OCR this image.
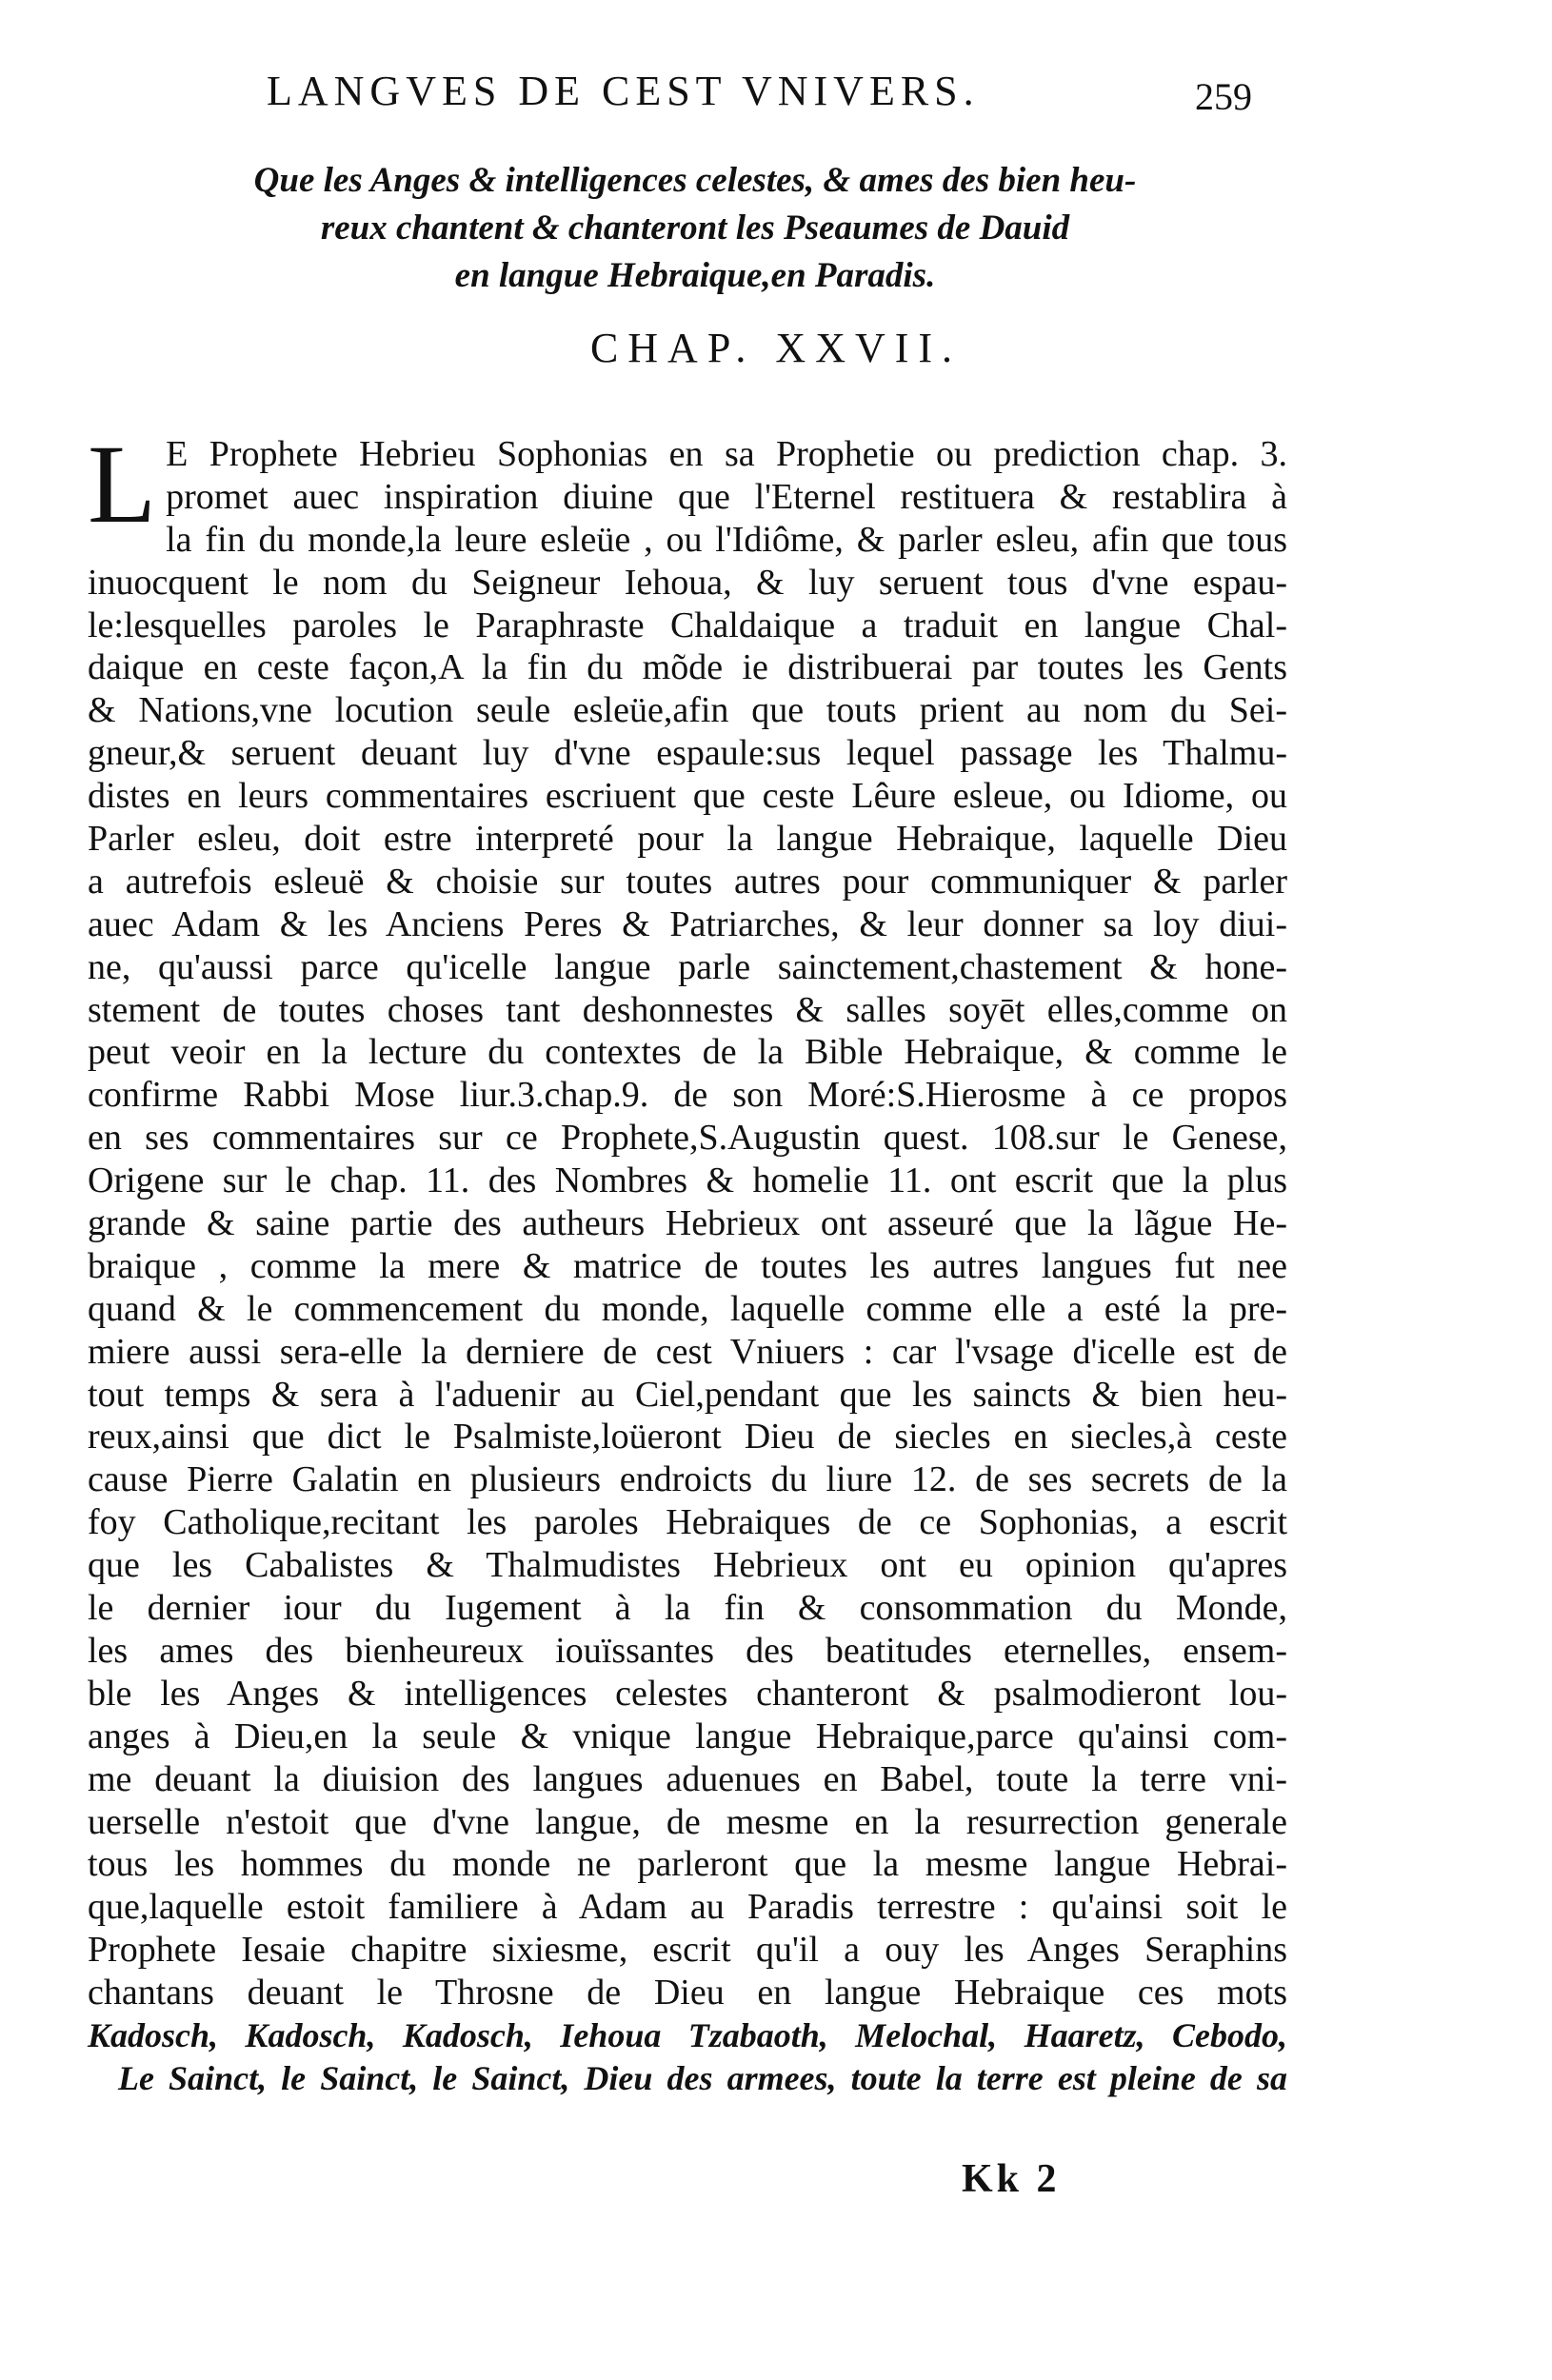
LANGVES DE CEST VNIVERS.	259
Que les Anges & intelligences celestes, & ames des bien heu-
reux chantent & chanteront les Pseaumes de Dauid
en langue Hebraique,en Paradis.
CHAP. XXVII.
L E Prophete Hebrieu Sophonias en sa Prophetie ou prediction chap. 3.
promet auec inspiration diuine que l'Eternel restituera & restablira à
la fin du monde,la leure esleüe , ou l'Idiôme, & parler esleu, afin que tous
inuocquent le nom du Seigneur Iehoua, & luy seruent tous d'vne espau-
le:lesquelles paroles le Paraphraste Chaldaique a traduit en langue Chal-
daique en ceste façon,A la fin du mõde ie distribuerai par toutes les Gents
& Nations,vne locution seule esleüe,afin que touts prient au nom du Sei-
gneur,& seruent deuant luy d'vne espaule:sus lequel passage les Thalmu-
distes en leurs commentaires escriuent que ceste Lêure esleue, ou Idiome, ou
Parler esleu, doit estre interpreté pour la langue Hebraique, laquelle Dieu
a autrefois esleuë & choisie sur toutes autres pour communiquer & parler
auec Adam & les Anciens Peres & Patriarches, & leur donner sa loy diui-
ne, qu'aussi parce qu'icelle langue parle sainctement,chastement & hone-
stement de toutes choses tant deshonnestes & salles soyēt elles,comme on
peut veoir en la lecture du contextes de la Bible Hebraique, & comme le
confirme Rabbi Mose liur.3.chap.9. de son Moré:S.Hierosme à ce propos
en ses commentaires sur ce Prophete,S.Augustin quest. 108.sur le Genese,
Origene sur le chap. 11. des Nombres & homelie 11. ont escrit que la plus
grande & saine partie des autheurs Hebrieux ont asseuré que la lãgue He-
braique , comme la mere & matrice de toutes les autres langues fut nee
quand & le commencement du monde, laquelle comme elle a esté la pre-
miere aussi sera-elle la derniere de cest Vniuers : car l'vsage d'icelle est de
tout temps & sera à l'aduenir au Ciel,pendant que les saincts & bien heu-
reux,ainsi que dict le Psalmiste,loüeront Dieu de siecles en siecles,à ceste
cause Pierre Galatin en plusieurs endroicts du liure 12. de ses secrets de la
foy Catholique,recitant les paroles Hebraiques de ce Sophonias, a escrit
que les Cabalistes & Thalmudistes Hebrieux ont eu opinion qu'apres
le dernier iour du Iugement à la fin & consommation du Monde,
les ames des bienheureux iouïssantes des beatitudes eternelles, ensem-
ble les Anges & intelligences celestes chanteront & psalmodieront lou-
anges à Dieu,en la seule & vnique langue Hebraique,parce qu'ainsi com-
me deuant la diuision des langues aduenues en Babel, toute la terre vni-
uerselle n'estoit que d'vne langue, de mesme en la resurrection generale
tous les hommes du monde ne parleront que la mesme langue Hebrai-
que,laquelle estoit familiere à Adam au Paradis terrestre : qu'ainsi soit le
Prophete Iesaie chapitre sixiesme, escrit qu'il a ouy les Anges Seraphins
chantans deuant le Throsne de Dieu en langue Hebraique ces mots
Kadosch, Kadosch, Kadosch, Iehoua Tzabaoth, Melochal, Haaretz, Cebodo,
Le Sainct, le Sainct, le Sainct, Dieu des armees, toute la terre est pleine de sa
Kk 2
